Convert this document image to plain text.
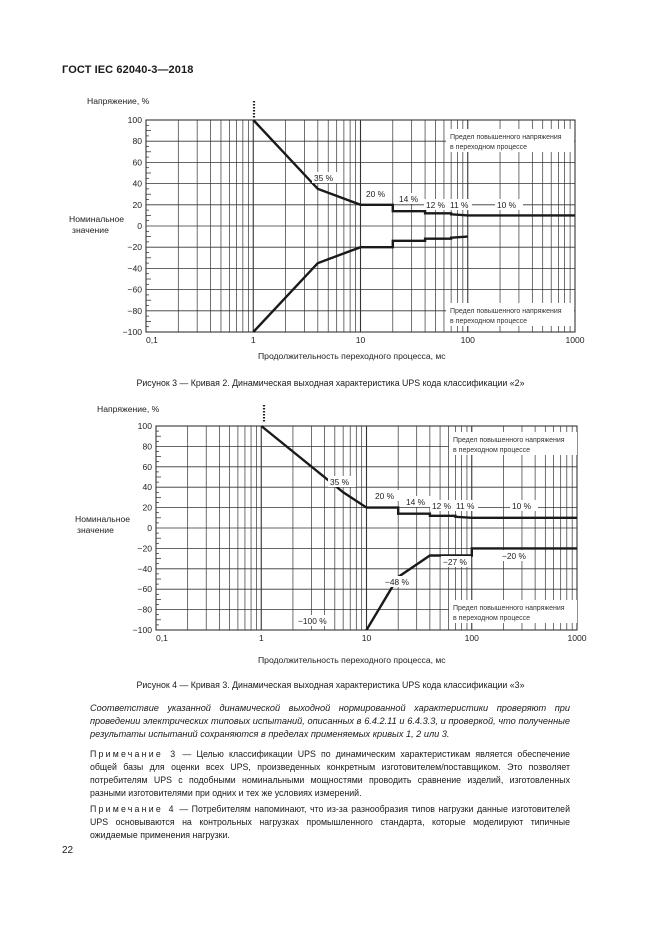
ГОСТ IEC 62040-3—2018
Напряжение, %
Номинальное
значение
100
80
60
40
20
0
−20
−40
−60
−80
−100
0,1	1	10	100	1000
Предел повышенного напряжения
в переходном процессе
Предел повышенного напряжения
в переходном процессе
35 %
20 % 14 %
12 % 11 %	10 %
Продолжительность переходного процесса, мс
Рисунок 3 — Кривая 2. Динамическая выходная характеристика UPS кода классификации «2»
Напряжение, %
Номинальное
значение
100
80
60
40
20
0
−20
−40
−60
−80
−100
0,1	1	10	100	1000
Предел повышенного напряжения
в переходном процессе
Предел повышенного напряжения
в переходном процессе
35 %
20 %
14 % 12 % 11 %	10 %
−100 %
−48 %
−27 %
−20 %
Продолжительность переходного процесса, мс
Рисунок 4 — Кривая 3. Динамическая выходная характеристика UPS кода классификации «3»
Соответствие указанной динамической выходной нормированной характеристики проверяют при проведении электрических типовых испытаний, описанных в 6.4.2.11 и 6.4.3.3, и проверкой, что полученные результаты испытаний сохраняются в пределах применяемых кривых 1, 2 или 3.
Примечание 3 — Целью классификации UPS по динамическим характеристикам является обеспечение общей базы для оценки всех UPS, произведенных конкретным изготовителем/поставщиком. Это позволяет потребителям UPS с подобными номинальными мощностями проводить сравнение изделий, изготовленных разными изготовителями при одних и тех же условиях измерений.
Примечание 4 — Потребителям напоминают, что из-за разнообразия типов нагрузки данные изготовителей UPS основываются на контрольных нагрузках промышленного стандарта, которые моделируют типичные ожидаемые применения нагрузки.
22
